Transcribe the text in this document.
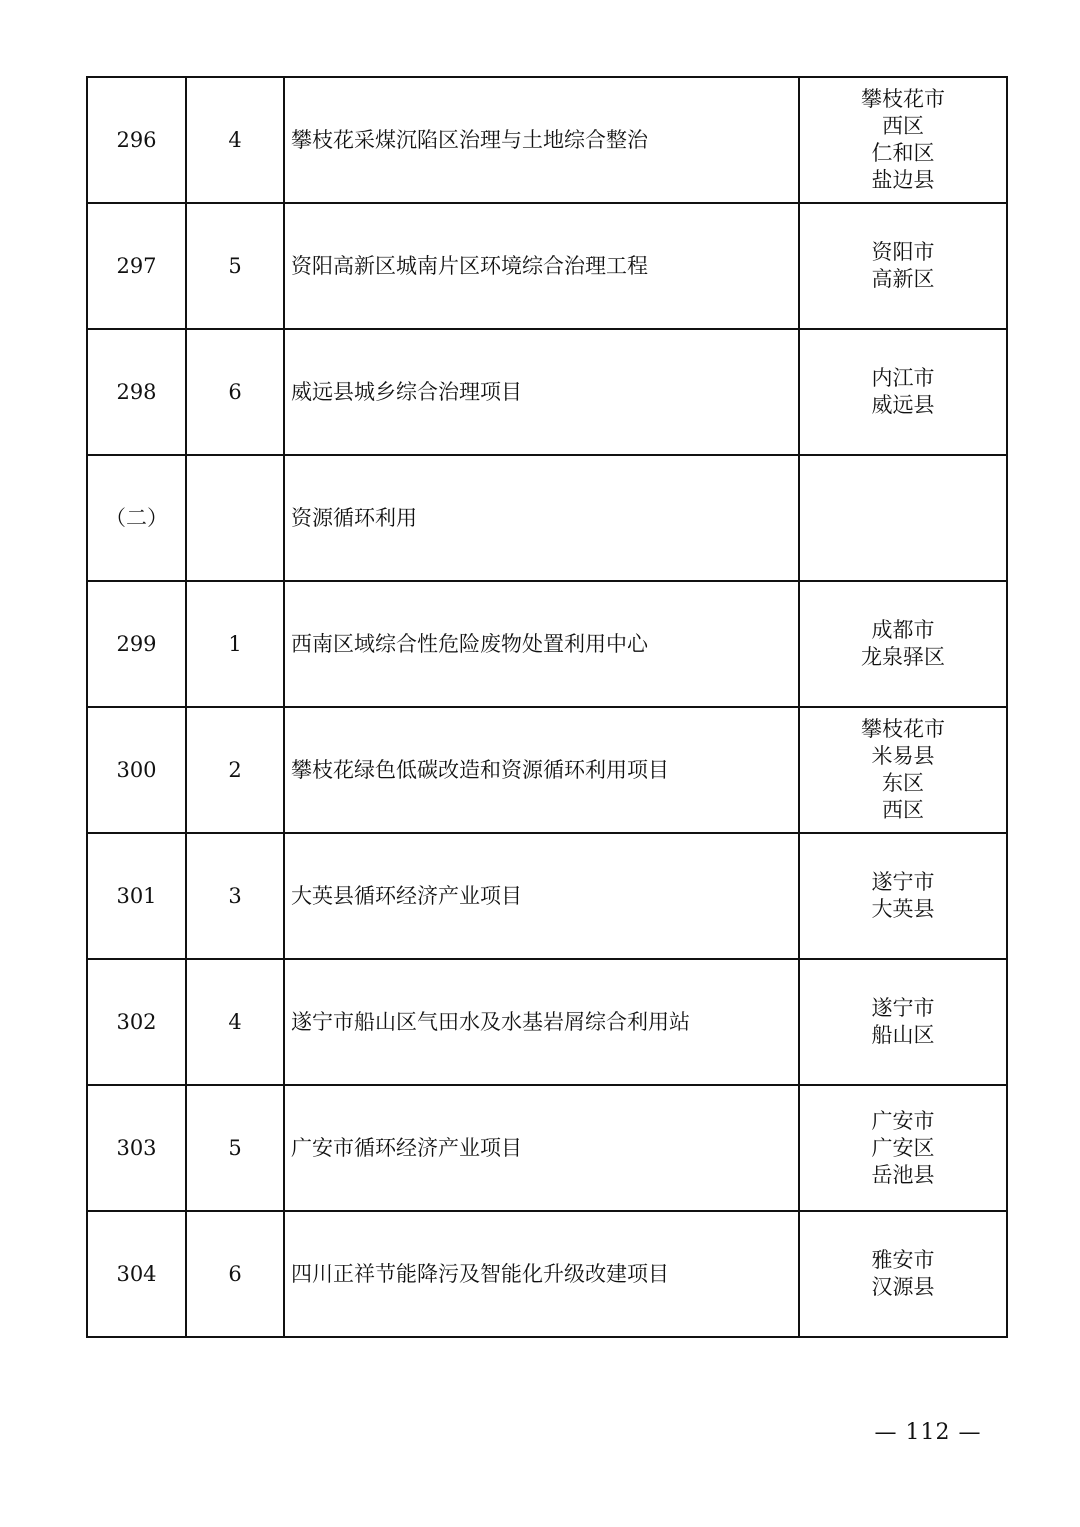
296	4	攀枝花采煤沉陷区治理与土地综合整治	攀枝花市
西区
仁和区
盐边县

297	5	资阳高新区城南片区环境综合治理工程	资阳市
高新区

298	6	威远县城乡综合治理项目	内江市
威远县

（二）		资源循环利用	
299	1	西南区域综合性危险废物处置利用中心	成都市
龙泉驿区

300	2	攀枝花绿色低碳改造和资源循环利用项目	攀枝花市
米易县
东区
西区

301	3	大英县循环经济产业项目	遂宁市
大英县

302	4	遂宁市船山区气田水及水基岩屑综合利用站	遂宁市
船山区

303	5	广安市循环经济产业项目	广安市
广安区
岳池县

304	6	四川正祥节能降污及智能化升级改建项目	雅安市
汉源县
— 112 —
